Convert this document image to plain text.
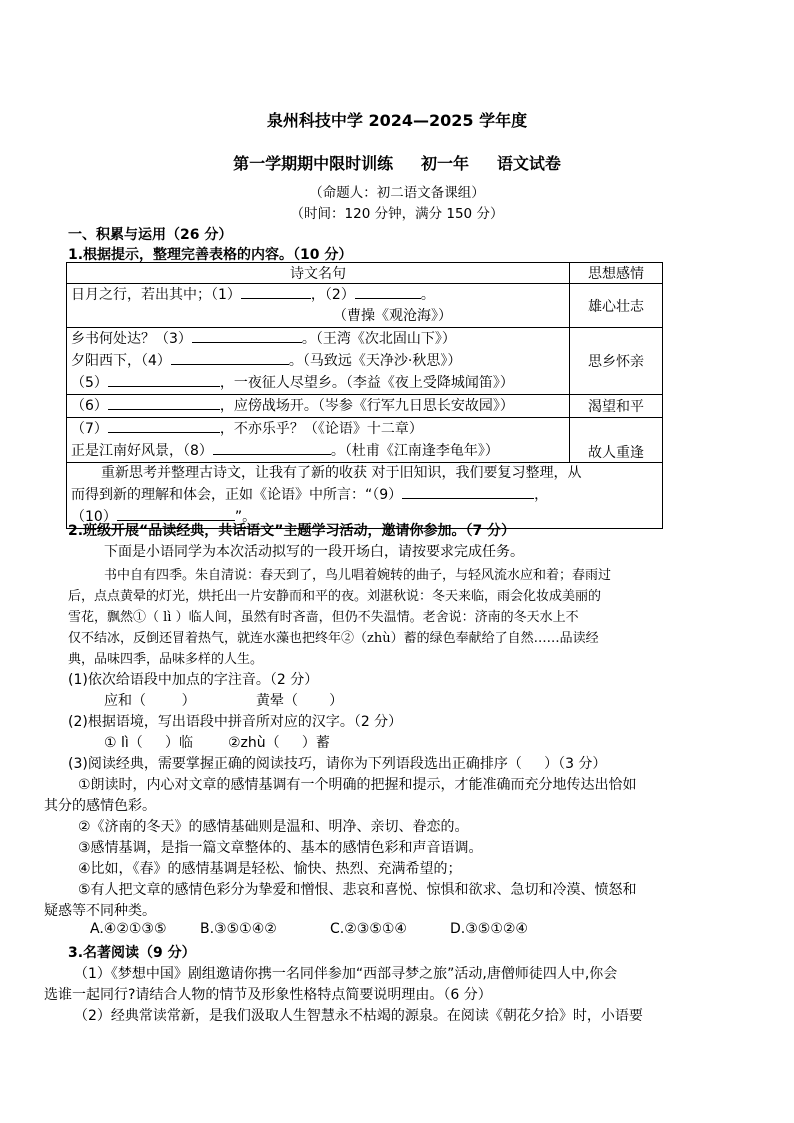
泉州科技中学 2024—2025 学年度
第一学期期中限时训练     初一年     语文试卷
（命题人：初二语文备课组）
（时间：120 分钟，满分 150 分）
一、积累与运用（26 分）
1.根据提示，整理完善表格的内容。（10 分）
诗文名句	思想感情

日月之行，若出其中；（1） ，（2） 。
（曹操《观沧海》）	雄心壮志

乡书何处达？（3） 。（王湾《次北固山下》）
夕阳西下，（4） 。（马致远《天净沙·秋思》）
（5） ，一夜征人尽望乡。（李益《夜上受降城闻笛》）	思乡怀亲
（6） ，应傍战场开。（岑参《行军九日思长安故园》）	渴望和平

（7） ，不亦乐乎？（《论语》十二章）
正是江南好风景，（8） 。（杜甫《江南逢李龟年》）	故人重逢

重新思考并整理古诗文，让我有了新的收获 对于旧知识，我们要复习整理，从
而得到新的理解和体会，正如《论语》中所言：“（9） ，
（10） ”。	
2.班级开展“品读经典，共话语文”主题学习活动，邀请你参加。（7 分）
下面是小语同学为本次活动拟写的一段开场白，请按要求完成任务。
书中自有四季。朱自清说：春天到了，鸟儿唱着婉转的曲子，与轻风流水应和着；春雨过
后，点点黄晕的灯光，烘托出一片安静而和平的夜。刘湛秋说：冬天来临，雨会化妆成美丽的
雪花，飘然①（ lì ）临人间，虽然有时吝啬，但仍不失温情。老舍说：济南的冬天水上不
仅不结冰，反倒还冒着热气，就连水藻也把终年②（zhù）蓄的绿色奉献给了自然……品读经
典，品味四季，品味多样的人生。
(1)依次给语段中加点的字注音。（2 分）
应和（        ）	黄晕（       ）
(2)根据语境，写出语段中拼音所对应的汉字。（2 分）
① lì（     ）临 ②zhù（     ）蓄
(3)阅读经典，需要掌握正确的阅读技巧，请你为下列语段选出正确排序（     ）（3 分）
①朗读时，内心对文章的感情基调有一个明确的把握和提示，才能准确而充分地传达出恰如
其分的感情色彩。
②《济南的冬天》的感情基础则是温和、明净、亲切、眷恋的。
③感情基调，是指一篇文章整体的、基本的感情色彩和声音语调。
④比如，《春》的感情基调是轻松、愉快、热烈、充满希望的；
⑤有人把文章的感情色彩分为挚爱和憎恨、悲哀和喜悦、惊惧和欲求、急切和冷漠、愤怒和
疑惑等不同种类。
A.④②①③⑤ B.③⑤①④②	C.②③⑤①④	D.③⑤①②④
3.名著阅读（9 分）
（1）《梦想中国》剧组邀请你携一名同伴参加“西部寻梦之旅”活动,唐僧师徒四人中,你会
选谁一起同行?请结合人物的情节及形象性格特点简要说明理由。（6 分）
（2）经典常读常新，是我们汲取人生智慧永不枯竭的源泉。在阅读《朝花夕拾》时，小语要
